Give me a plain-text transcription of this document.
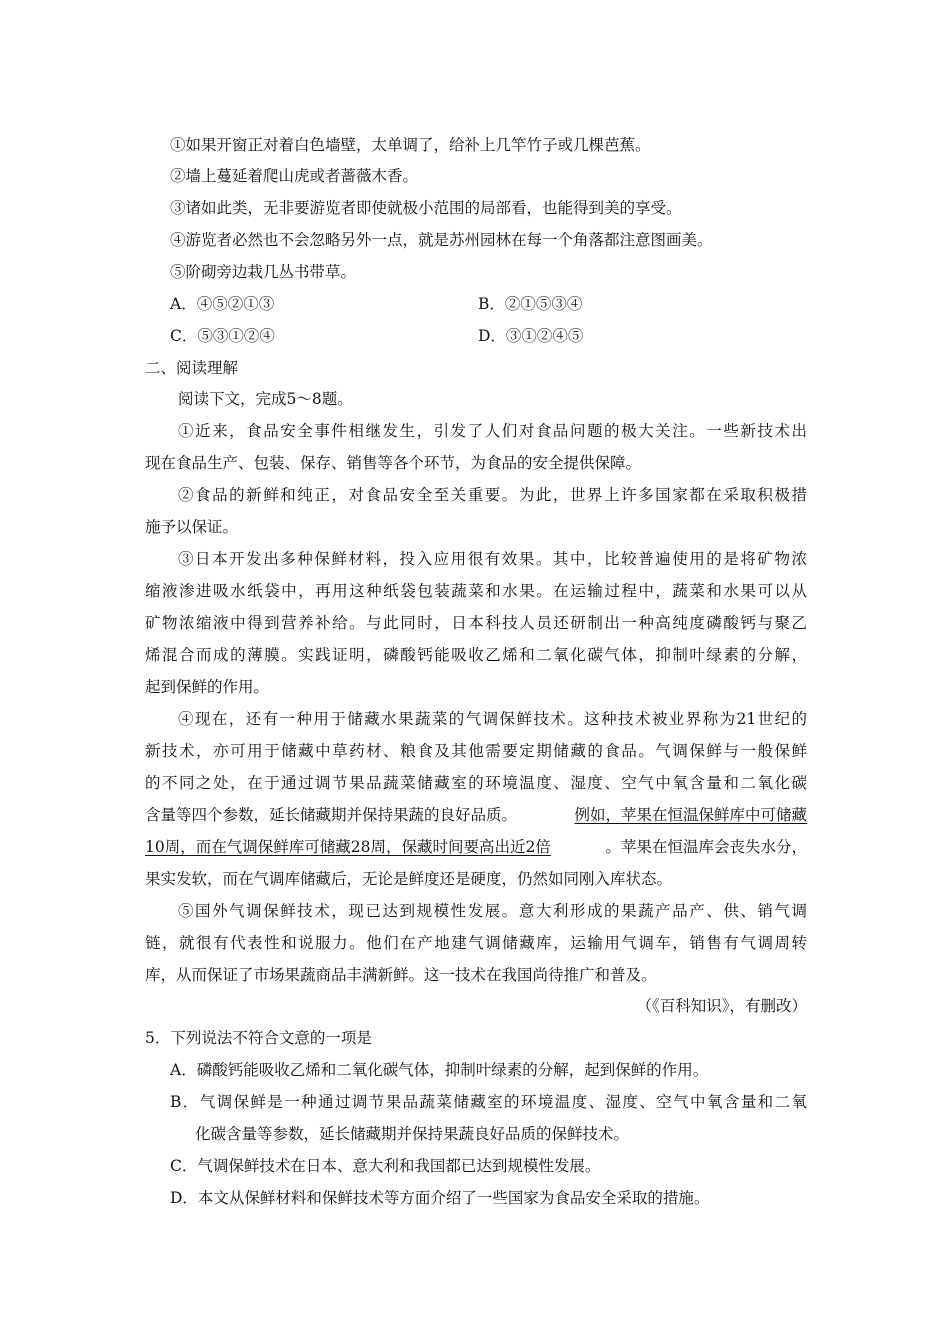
①如果开窗正对着白色墙壁，太单调了，给补上几竿竹子或几棵芭蕉。
②墙上蔓延着爬山虎或者蔷薇木香。
③诸如此类，无非要游览者即使就极小范围的局部看，也能得到美的享受。
④游览者必然也不会忽略另外一点，就是苏州园林在每一个角落都注意图画美。
⑤阶砌旁边栽几丛书带草。
A．④⑤②①③	B．②①⑤③④
C．⑤③①②④	D．③①②④⑤
二、阅读理解
阅读下文，完成5～8题。
①近来，食品安全事件相继发生，引发了人们对食品问题的极大关注。一些新技术出
现在食品生产、包装、保存、销售等各个环节，为食品的安全提供保障。
②食品的新鲜和纯正，对食品安全至关重要。为此，世界上许多国家都在采取积极措
施予以保证。
③日本开发出多种保鲜材料，投入应用很有效果。其中，比较普遍使用的是将矿物浓
缩液渗进吸水纸袋中，再用这种纸袋包装蔬菜和水果。在运输过程中，蔬菜和水果可以从
矿物浓缩液中得到营养补给。与此同时，日本科技人员还研制出一种高纯度磷酸钙与聚乙
烯混合而成的薄膜。实践证明，磷酸钙能吸收乙烯和二氧化碳气体，抑制叶绿素的分解，
起到保鲜的作用。
④现在，还有一种用于储藏水果蔬菜的气调保鲜技术。这种技术被业界称为21世纪的
新技术，亦可用于储藏中草药材、粮食及其他需要定期储藏的食品。气调保鲜与一般保鲜
的不同之处，在于通过调节果品蔬菜储藏室的环境温度、湿度、空气中氧含量和二氧化碳
含量等四个参数，延长储藏期并保持果蔬的良好品质。	例如，苹果在恒温保鲜库中可储藏
10周，而在气调保鲜库可储藏28周，保藏时间要高出近2倍	。苹果在恒温库会丧失水分，
果实发软，而在气调库储藏后，无论是鲜度还是硬度，仍然如同刚入库状态。
⑤国外气调保鲜技术，现已达到规模性发展。意大利形成的果蔬产品产、供、销气调
链，就很有代表性和说服力。他们在产地建气调储藏库，运输用气调车，销售有气调周转
库，从而保证了市场果蔬商品丰满新鲜。这一技术在我国尚待推广和普及。
（《百科知识》，有删改）
5．下列说法不符合文意的一项是
A．磷酸钙能吸收乙烯和二氧化碳气体，抑制叶绿素的分解，起到保鲜的作用。
B．气调保鲜是一种通过调节果品蔬菜储藏室的环境温度、湿度、空气中氧含量和二氧
化碳含量等参数，延长储藏期并保持果蔬良好品质的保鲜技术。
C．气调保鲜技术在日本、意大利和我国都已达到规模性发展。
D．本文从保鲜材料和保鲜技术等方面介绍了一些国家为食品安全采取的措施。
